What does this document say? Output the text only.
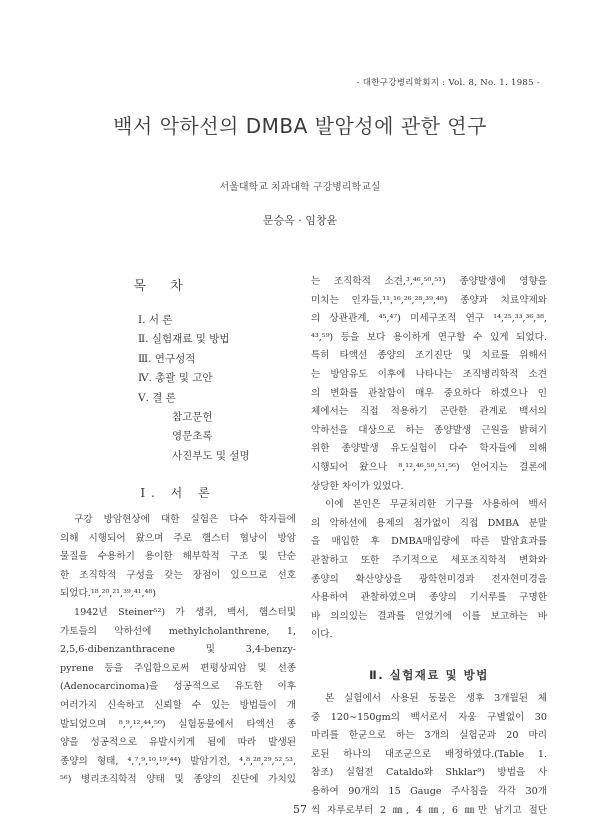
- 대한구강병리학회지 : Vol. 8, No. 1. 1985 -
백서 악하선의 DMBA 발암성에 관한 연구
서울대학교 치과대학 구강병리학교실
문승옥 · 임창윤
목 차
Ⅰ. 서 론
Ⅱ. 실험재료 및 방법
Ⅲ. 연구성적
Ⅳ. 총괄 및 고안
Ⅴ. 결 론
참고문헌
영문초록
사진부도 및 설명
Ⅰ. 서 론
구강 방암현상에 대한 실험은 다수 학자들에
의해 시행되어 왔으며 주로 햄스터 협낭이 방암
물질을 수용하기 용이한 해부학적 구조 및 단순
한 조직학적 구성을 갖는 장점이 있으므로 선호
되었다.¹⁸,²⁰,²¹,³⁹,⁴¹,⁴⁸)
1942년 Steiner⁵²) 가 생쥐, 백서, 햄스터및
가토들의 악하선에 methylcholanthrene, 1,
2,5,6-dibenzanthracene 및 3,4-benzy-
pyrene 등을 주입함으로써 편평상피암 및 선종
(Adenocarcinoma)을 성공적으로 유도한 이후
여러가지 신속하고 신뢰할 수 있는 방법들이 개
발되었으며 ⁸,⁹,¹²,⁴⁴,⁵⁰) 실험동물에서 타액선 종
양을 성공적으로 유발시키게 됨에 따라 발생된
종양의 형태, ⁴,⁷,⁹,¹⁰,¹⁹,⁴⁴) 발암기전, ⁴,⁸,²⁸,²⁹,⁵²,⁵³,
⁵⁶) 병리조직학적 양태 및 종양의 진단에 가치있
는 조직학적 소견,³,⁴⁶,⁵⁰,⁵¹) 종양발생에 영향을
미치는 인자들,¹¹,¹⁶,²⁶,²⁸,³⁹,⁴⁸) 종양과 치료약제와
의 상관관계, ⁴⁵,⁴⁷) 미세구조적 연구 ¹⁴,²⁵,³³,³⁶,³⁸,
⁴³,⁵⁹) 등을 보다 용이하게 연구할 수 있게 되었다.
특히 타액선 종양의 조기진단 및 치료를 위해서
는 방암유도 이후에 나타나는 조직병리학적 소견
의 변화를 관찰함이 매우 중요하다 하겠으나 인
체에서는 직접 적용하기 곤란한 관계로 백서의
악하선을 대상으로 하는 종양발생 근원을 밝혀기
위한 종양발생 유도실험이 다수 학자들에 의해
시행되어 왔으나 ⁸,¹²,⁴⁶,⁵⁰,⁵¹,⁵⁶) 얻어지는 결론에
상당한 차이가 있었다.
이에 본인은 무균처리한 기구를 사용하여 백서
의 악하선에 용제의 첨가없이 직접 DMBA 분말
을 매입한 후 DMBA매입량에 따른 발암효과를
관찰하고 또한 주기적으로 세포조직학적 변화와
종양의 확산양상을 광학현미경과 전자현미경을
사용하여 관찰하였으며 종양의 기서루를 구명한
바 의의있는 결과를 얻었기에 이를 보고하는 바
이다.
Ⅱ. 실험재료 및 방법
본 실험에서 사용된 동물은 생후 3개월된 체
중 120∼150gm의 백서로서 자웅 구별없이 30
마리를 한군으로 하는 3개의 실험군과 20 마리
로된 하나의 대조군으로 배정하였다.(Table 1.
참조) 실험전 Cataldo와 Shklar⁹) 방법을 사
용하여 90개의 15 Gauge 주사침을 각각 30개
씩 자루로부터 2 ㎜, 4 ㎜, 6 ㎜만 남기고 절단
57
